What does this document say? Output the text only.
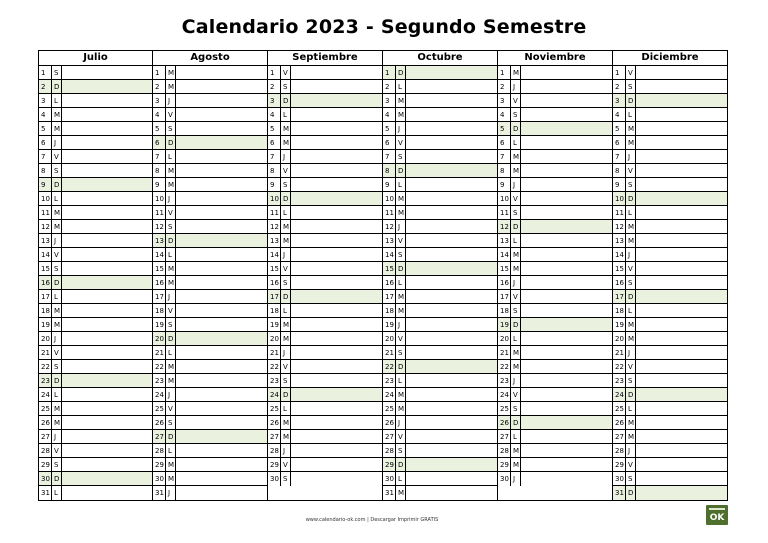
Calendario 2023 - Segundo Semestre
Julio
1	S
2	D
3	L
4	M
5	M
6	J
7	V
8	S
9	D
10 L
11 M
12 M
13 J
14 V
15 S
16 D
17 L
18 M
19 M
20 J
21 V
22 S
23 D
24 L
25 M
26 M
27 J
28 V
29 S
30 D
31 L
Agosto
1	M
2	M
3	J
4	V
5	S
6	D
7	L
8	M
9	M
10 J
11 V
12 S
13 D
14 L
15 M
16 M
17 J
18 V
19 S
20 D
21 L
22 M
23 M
24 J
25 V
26 S
27 D
28 L
29 M
30 M
31 J
Septiembre
1	V
2	S
3	D
4	L
5	M
6	M
7	J
8	V
9	S
10 D
11 L
12 M
13 M
14 J
15 V
16 S
17 D
18 L
19 M
20 M
21 J
22 V
23 S
24 D
25 L
26 M
27 M
28 J
29 V
30 S
Octubre
1	D
2	L
3	M
4	M
5	J
6	V
7	S
8	D
9	L
10 M
11 M
12 J
13 V
14 S
15 D
16 L
17 M
18 M
19 J
20 V
21 S
22 D
23 L
24 M
25 M
26 J
27 V
28 S
29 D
30 L
31 M
Noviembre
1	M
2	J
3	V
4	S
5	D
6	L
7	M
8	M
9	J
10 V
11 S
12 D
13 L
14 M
15 M
16 J
17 V
18 S
19 D
20 L
21 M
22 M
23 J
24 V
25 S
26 D
27 L
28 M
29 M
30 J
Diciembre
1	V
2	S
3	D
4	L
5	M
6	M
7	J
8	V
9	S
10 D
11 L
12 M
13 M
14 J
15 V
16 S
17 D
18 L
19 M
20 M
21 J
22 V
23 S
24 D
25 L
26 M
27 M
28 J
29 V
30 S
31 D
www.calendario-ok.com | Descargar Imprimir GRATIS	OK
